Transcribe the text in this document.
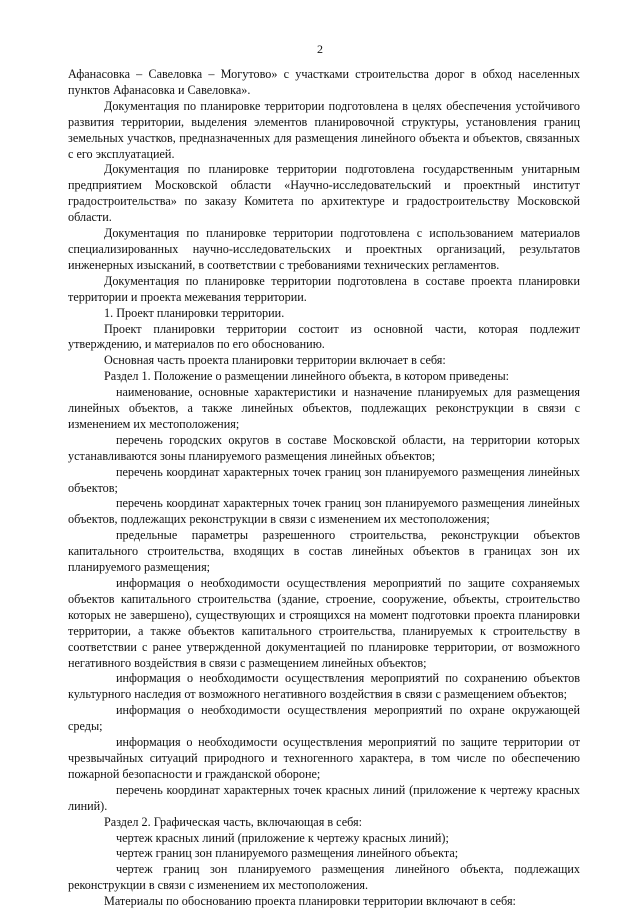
2

Афанасовка – Савеловка – Могутово» с участками строительства дорог в обход населенных пунктов Афанасовка и Савеловка».

Документация по планировке территории подготовлена в целях обеспечения устойчивого развития территории, выделения элементов планировочной структуры, установления границ земельных участков, предназначенных для размещения линейного объекта и объектов, связанных с его эксплуатацией.

Документация по планировке территории подготовлена государственным унитарным предприятием Московской области «Научно-исследовательский и проектный институт градостроительства» по заказу Комитета по архитектуре и градостроительству Московской области.

Документация по планировке территории подготовлена с использованием материалов специализированных научно-исследовательских и проектных организаций, результатов инженерных изысканий, в соответствии с требованиями технических регламентов.

Документация по планировке территории подготовлена в составе проекта планировки территории и проекта межевания территории.

1. Проект планировки территории.

Проект планировки территории состоит из основной части, которая подлежит утверждению, и материалов по его обоснованию.

Основная часть проекта планировки территории включает в себя:

Раздел 1. Положение о размещении линейного объекта, в котором приведены:

наименование, основные характеристики и назначение планируемых для размещения линейных объектов, а также линейных объектов, подлежащих реконструкции в связи с изменением их местоположения;

перечень городских округов в составе Московской области, на территории которых устанавливаются зоны планируемого размещения линейных объектов;

перечень координат характерных точек границ зон планируемого размещения линейных объектов;

перечень координат характерных точек границ зон планируемого размещения линейных объектов, подлежащих реконструкции в связи с изменением их местоположения;

предельные параметры разрешенного строительства, реконструкции объектов капитального строительства, входящих в состав линейных объектов в границах зон их планируемого размещения;

информация о необходимости осуществления мероприятий по защите сохраняемых объектов капитального строительства (здание, строение, сооружение, объекты, строительство которых не завершено), существующих и строящихся на момент подготовки проекта планировки территории, а также объектов капитального строительства, планируемых к строительству в соответствии с ранее утвержденной документацией по планировке территории, от возможного негативного воздействия в связи с размещением линейных объектов;

информация о необходимости осуществления мероприятий по сохранению объектов культурного наследия от возможного негативного воздействия в связи с размещением объектов;

информация о необходимости осуществления мероприятий по охране окружающей среды;

информация о необходимости осуществления мероприятий по защите территории от чрезвычайных ситуаций природного и техногенного характера, в том числе по обеспечению пожарной безопасности и гражданской обороне;

перечень координат характерных точек красных линий (приложение к чертежу красных линий).

Раздел 2. Графическая часть, включающая в себя:

чертеж красных линий (приложение к чертежу красных линий);

чертеж границ зон планируемого размещения линейного объекта;

чертеж границ зон планируемого размещения линейного объекта, подлежащих реконструкции в связи с изменением их местоположения.

Материалы по обоснованию проекта планировки территории включают в себя:
